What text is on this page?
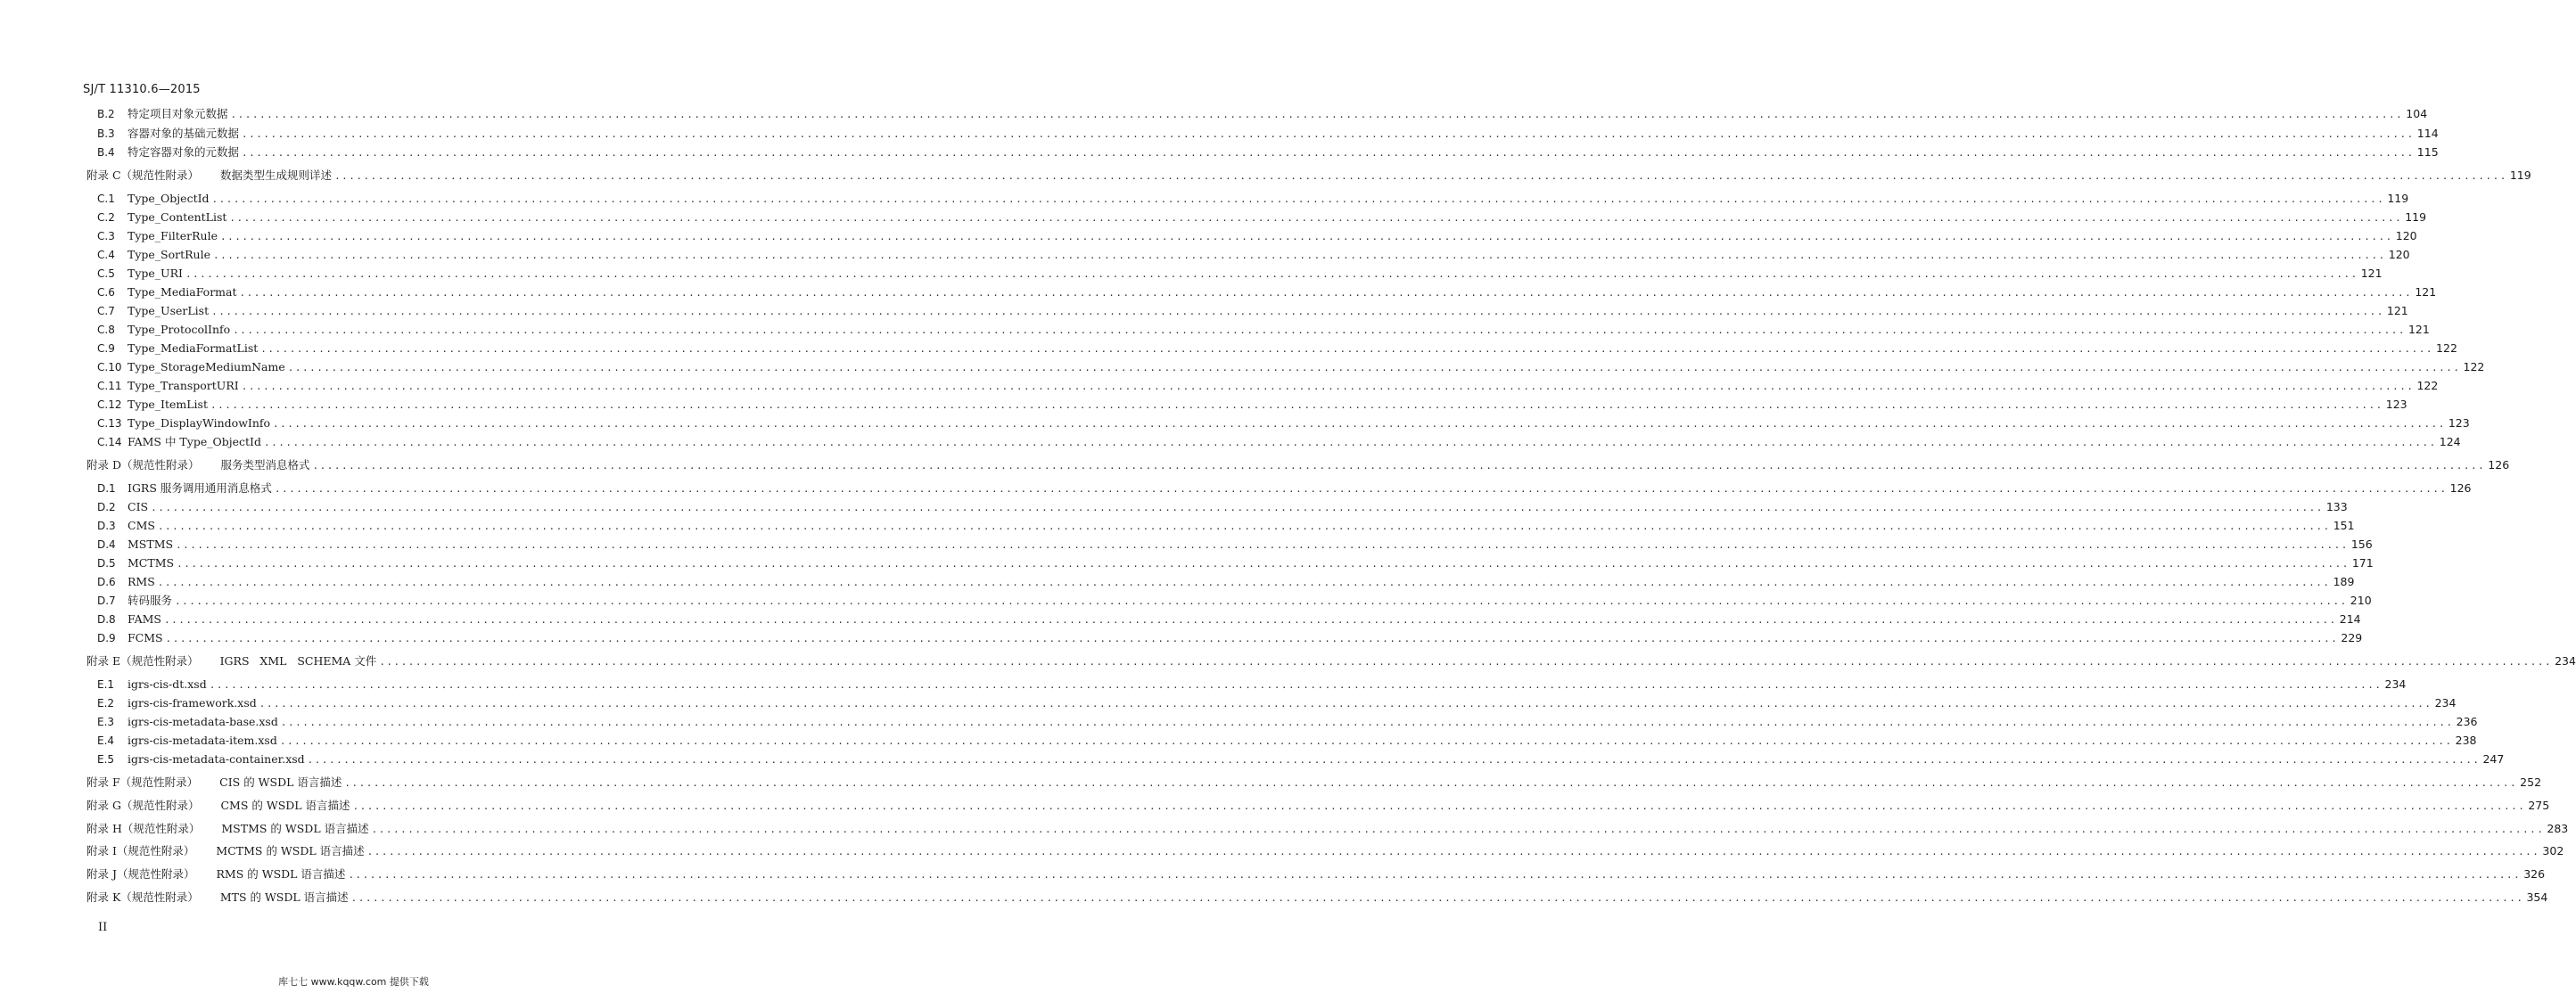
SJ/T 11310.6—2015
B.2	特定项目对象元数据 ............................................................................................................................................................................................................................................................................................................ 104
B.3	容器对象的基础元数据 ............................................................................................................................................................................................................................................................................................................ 114
B.4	特定容器对象的元数据 ............................................................................................................................................................................................................................................................................................................ 115
附录 C（规范性附录） 数据类型生成规则详述 ............................................................................................................................................................................................................................................................................................................ 119
C.1	Type_ObjectId ............................................................................................................................................................................................................................................................................................................ 119
C.2	Type_ContentList ............................................................................................................................................................................................................................................................................................................ 119
C.3	Type_FilterRule ............................................................................................................................................................................................................................................................................................................ 120
C.4	Type_SortRule ............................................................................................................................................................................................................................................................................................................ 120
C.5	Type_URI ............................................................................................................................................................................................................................................................................................................ 121
C.6	Type_MediaFormat ............................................................................................................................................................................................................................................................................................................ 121
C.7	Type_UserList ............................................................................................................................................................................................................................................................................................................ 121
C.8	Type_ProtocolInfo ............................................................................................................................................................................................................................................................................................................ 121
C.9	Type_MediaFormatList ............................................................................................................................................................................................................................................................................................................ 122
C.10 Type_StorageMediumName ............................................................................................................................................................................................................................................................................................................ 122
C.11 Type_TransportURI ............................................................................................................................................................................................................................................................................................................ 122
C.12 Type_ItemList ............................................................................................................................................................................................................................................................................................................ 123
C.13 Type_DisplayWindowInfo ............................................................................................................................................................................................................................................................................................................ 123
C.14 FAMS 中 Type_ObjectId ............................................................................................................................................................................................................................................................................................................ 124
附录 D（规范性附录） 服务类型消息格式 ............................................................................................................................................................................................................................................................................................................ 126
D.1	IGRS 服务调用通用消息格式 ............................................................................................................................................................................................................................................................................................................ 126
D.2	CIS ............................................................................................................................................................................................................................................................................................................ 133
D.3	CMS ............................................................................................................................................................................................................................................................................................................ 151
D.4	MSTMS ............................................................................................................................................................................................................................................................................................................ 156
D.5	MCTMS ............................................................................................................................................................................................................................................................................................................ 171
D.6	RMS ............................................................................................................................................................................................................................................................................................................ 189
D.7	转码服务 ............................................................................................................................................................................................................................................................................................................ 210
D.8	FAMS ............................................................................................................................................................................................................................................................................................................ 214
D.9	FCMS ............................................................................................................................................................................................................................................................................................................ 229
附录 E（规范性附录） IGRS   XML   SCHEMA 文件 ............................................................................................................................................................................................................................................................................................................ 234
E.1	igrs-cis-dt.xsd ............................................................................................................................................................................................................................................................................................................ 234
E.2	igrs-cis-framework.xsd ............................................................................................................................................................................................................................................................................................................ 234
E.3	igrs-cis-metadata-base.xsd ............................................................................................................................................................................................................................................................................................................ 236
E.4	igrs-cis-metadata-item.xsd ............................................................................................................................................................................................................................................................................................................ 238
E.5	igrs-cis-metadata-container.xsd ............................................................................................................................................................................................................................................................................................................ 247
附录 F（规范性附录） CIS 的 WSDL 语言描述 ............................................................................................................................................................................................................................................................................................................ 252
附录 G（规范性附录） CMS 的 WSDL 语言描述 ............................................................................................................................................................................................................................................................................................................ 275
附录 H（规范性附录） MSTMS 的 WSDL 语言描述 ............................................................................................................................................................................................................................................................................................................ 283
附录 I（规范性附录） MCTMS 的 WSDL 语言描述 ............................................................................................................................................................................................................................................................................................................ 302
附录 J（规范性附录） RMS 的 WSDL 语言描述 ............................................................................................................................................................................................................................................................................................................ 326
附录 K（规范性附录） MTS 的 WSDL 语言描述 ............................................................................................................................................................................................................................................................................................................ 354
II
库七七 www.kqqw.com 提供下载
